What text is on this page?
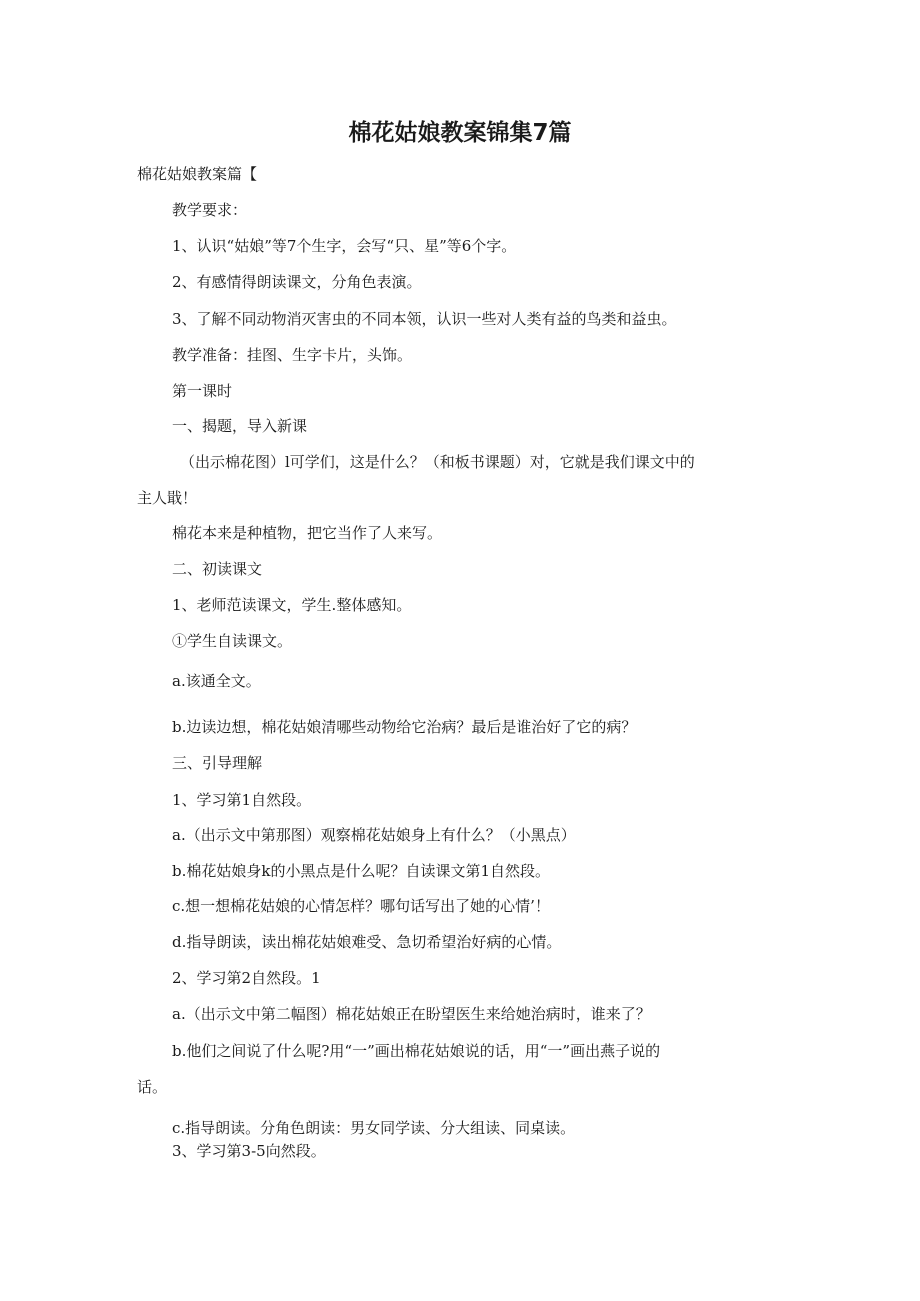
棉花姑娘教案锦集7篇

棉花姑娘教案篇【

教学要求：

1、认识“姑娘”等7个生字，会写“只、星”等6个字。

2、有感情得朗读课文，分角色表演。

3、了解不同动物消灭害虫的不同本领，认识一些对人类有益的鸟类和益虫。

教学准备：挂图、生字卡片，头饰。

第一课时

一、揭题，导入新课

（出示棉花图）l可学们，这是什么？（和板书课题）对，它就是我们课文中的

主人戢！

棉花本来是种植物，把它当作了人来写。

二、初读课文

1、老师范读课文，学生.整体感知。

①学生自读课文。

a.该通全文。

b.边读边想，棉花姑娘清哪些动物给它治病？最后是谁治好了它的病？

三、引导理解

1、学习第1自然段。

a.（出示文中第那图）观察棉花姑娘身上有什么？（小黑点）

b.棉花姑娘身k的小黑点是什么呢？自读课文第1自然段。

c.想一想棉花姑娘的心情怎样？哪句话写出了她的心情’！

d.指导朗读，读出棉花姑娘难受、急切希望治好病的心情。

2、学习第2自然段。1

a.（出示文中第二幅图）棉花姑娘正在盼望医生来给她治病时，谁来了？

b.他们之间说了什么呢?用“一”画出棉花姑娘说的话，用“一”画出燕子说的

话。

c.指导朗读。分角色朗读：男女同学读、分大组读、同桌读。

3、学习第3-5向然段。
